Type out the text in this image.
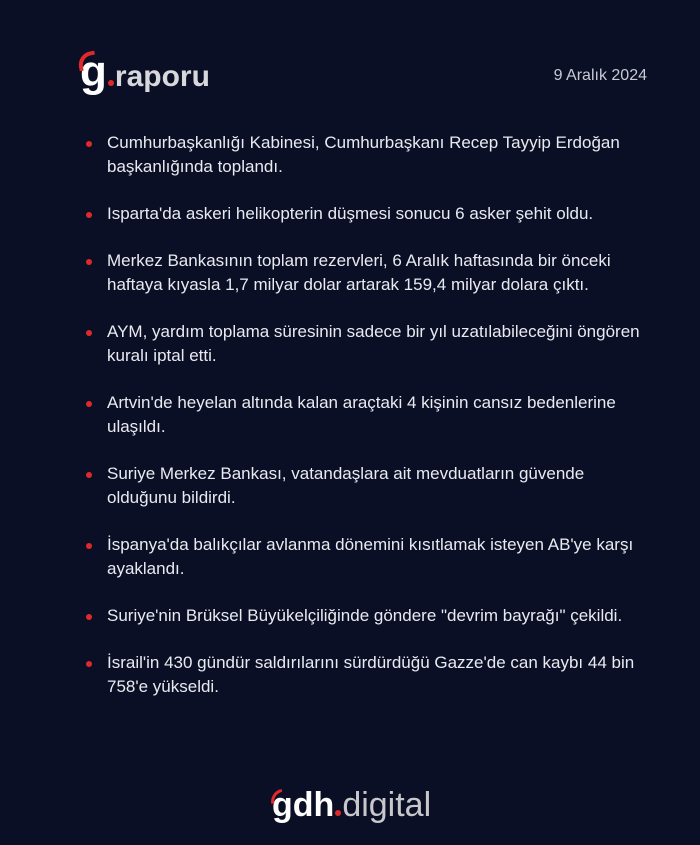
g raporu	9 Aralık 2024
Cumhurbaşkanlığı Kabinesi, Cumhurbaşkanı Recep Tayyip Erdoğan başkanlığında toplandı.
Isparta'da askeri helikopterin düşmesi sonucu 6 asker şehit oldu.
Merkez Bankasının toplam rezervleri, 6 Aralık haftasında bir önceki haftaya kıyasla 1,7 milyar dolar artarak 159,4 milyar dolara çıktı.
AYM, yardım toplama süresinin sadece bir yıl uzatılabileceğini öngören kuralı iptal etti.
Artvin'de heyelan altında kalan araçtaki 4 kişinin cansız bedenlerine ulaşıldı.
Suriye Merkez Bankası, vatandaşlara ait mevduatların güvende olduğunu bildirdi.
İspanya'da balıkçılar avlanma dönemini kısıtlamak isteyen AB'ye karşı ayaklandı.
Suriye'nin Brüksel Büyükelçiliğinde göndere "devrim bayrağı" çekildi.
İsrail'in 430 gündür saldırılarını sürdürdüğü Gazze'de can kaybı 44 bin 758'e yükseldi.
gdh digital
